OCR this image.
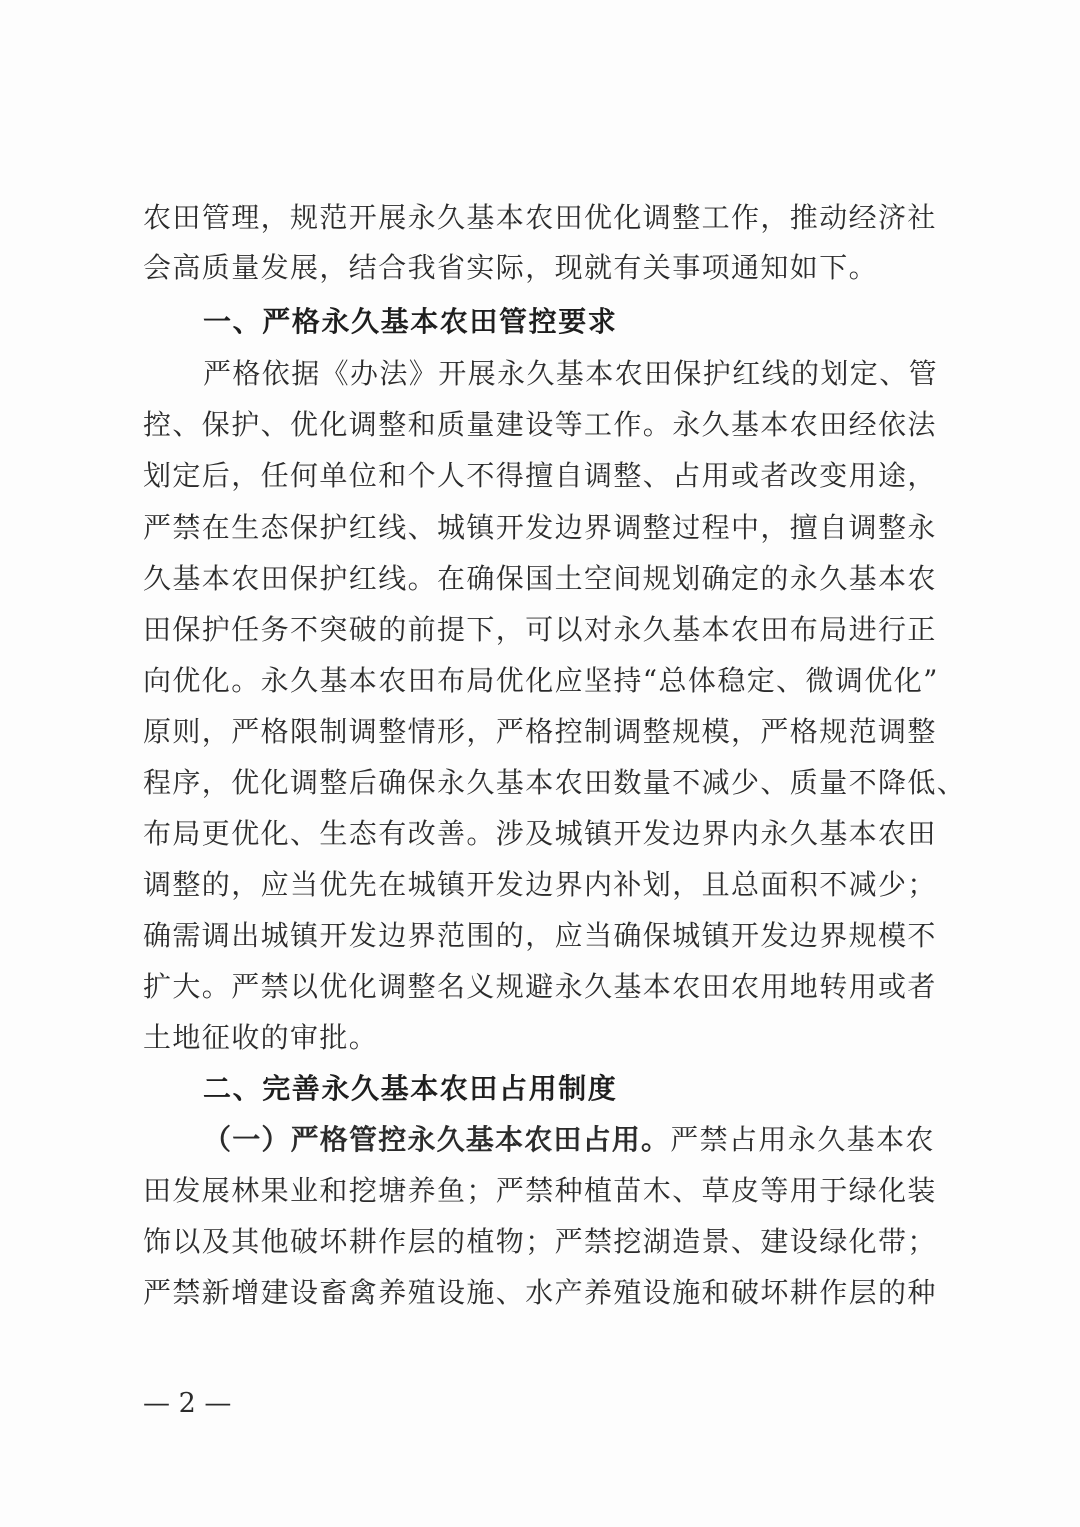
农田管理，规范开展永久基本农田优化调整工作，推动经济社
会高质量发展，结合我省实际，现就有关事项通知如下。
一、严格永久基本农田管控要求
严格依据《办法》开展永久基本农田保护红线的划定、管
控、保护、优化调整和质量建设等工作。永久基本农田经依法
划定后，任何单位和个人不得擅自调整、占用或者改变用途，
严禁在生态保护红线、城镇开发边界调整过程中，擅自调整永
久基本农田保护红线。在确保国土空间规划确定的永久基本农
田保护任务不突破的前提下，可以对永久基本农田布局进行正
向优化。永久基本农田布局优化应坚持“总体稳定、微调优化”
原则，严格限制调整情形，严格控制调整规模，严格规范调整
程序，优化调整后确保永久基本农田数量不减少、质量不降低、
布局更优化、生态有改善。涉及城镇开发边界内永久基本农田
调整的，应当优先在城镇开发边界内补划，且总面积不减少；
确需调出城镇开发边界范围的，应当确保城镇开发边界规模不
扩大。严禁以优化调整名义规避永久基本农田农用地转用或者
土地征收的审批。
二、完善永久基本农田占用制度
（一）严格管控永久基本农田占用。严禁占用永久基本农
田发展林果业和挖塘养鱼；严禁种植苗木、草皮等用于绿化装
饰以及其他破坏耕作层的植物；严禁挖湖造景、建设绿化带；
严禁新增建设畜禽养殖设施、水产养殖设施和破坏耕作层的种
— 2 —
